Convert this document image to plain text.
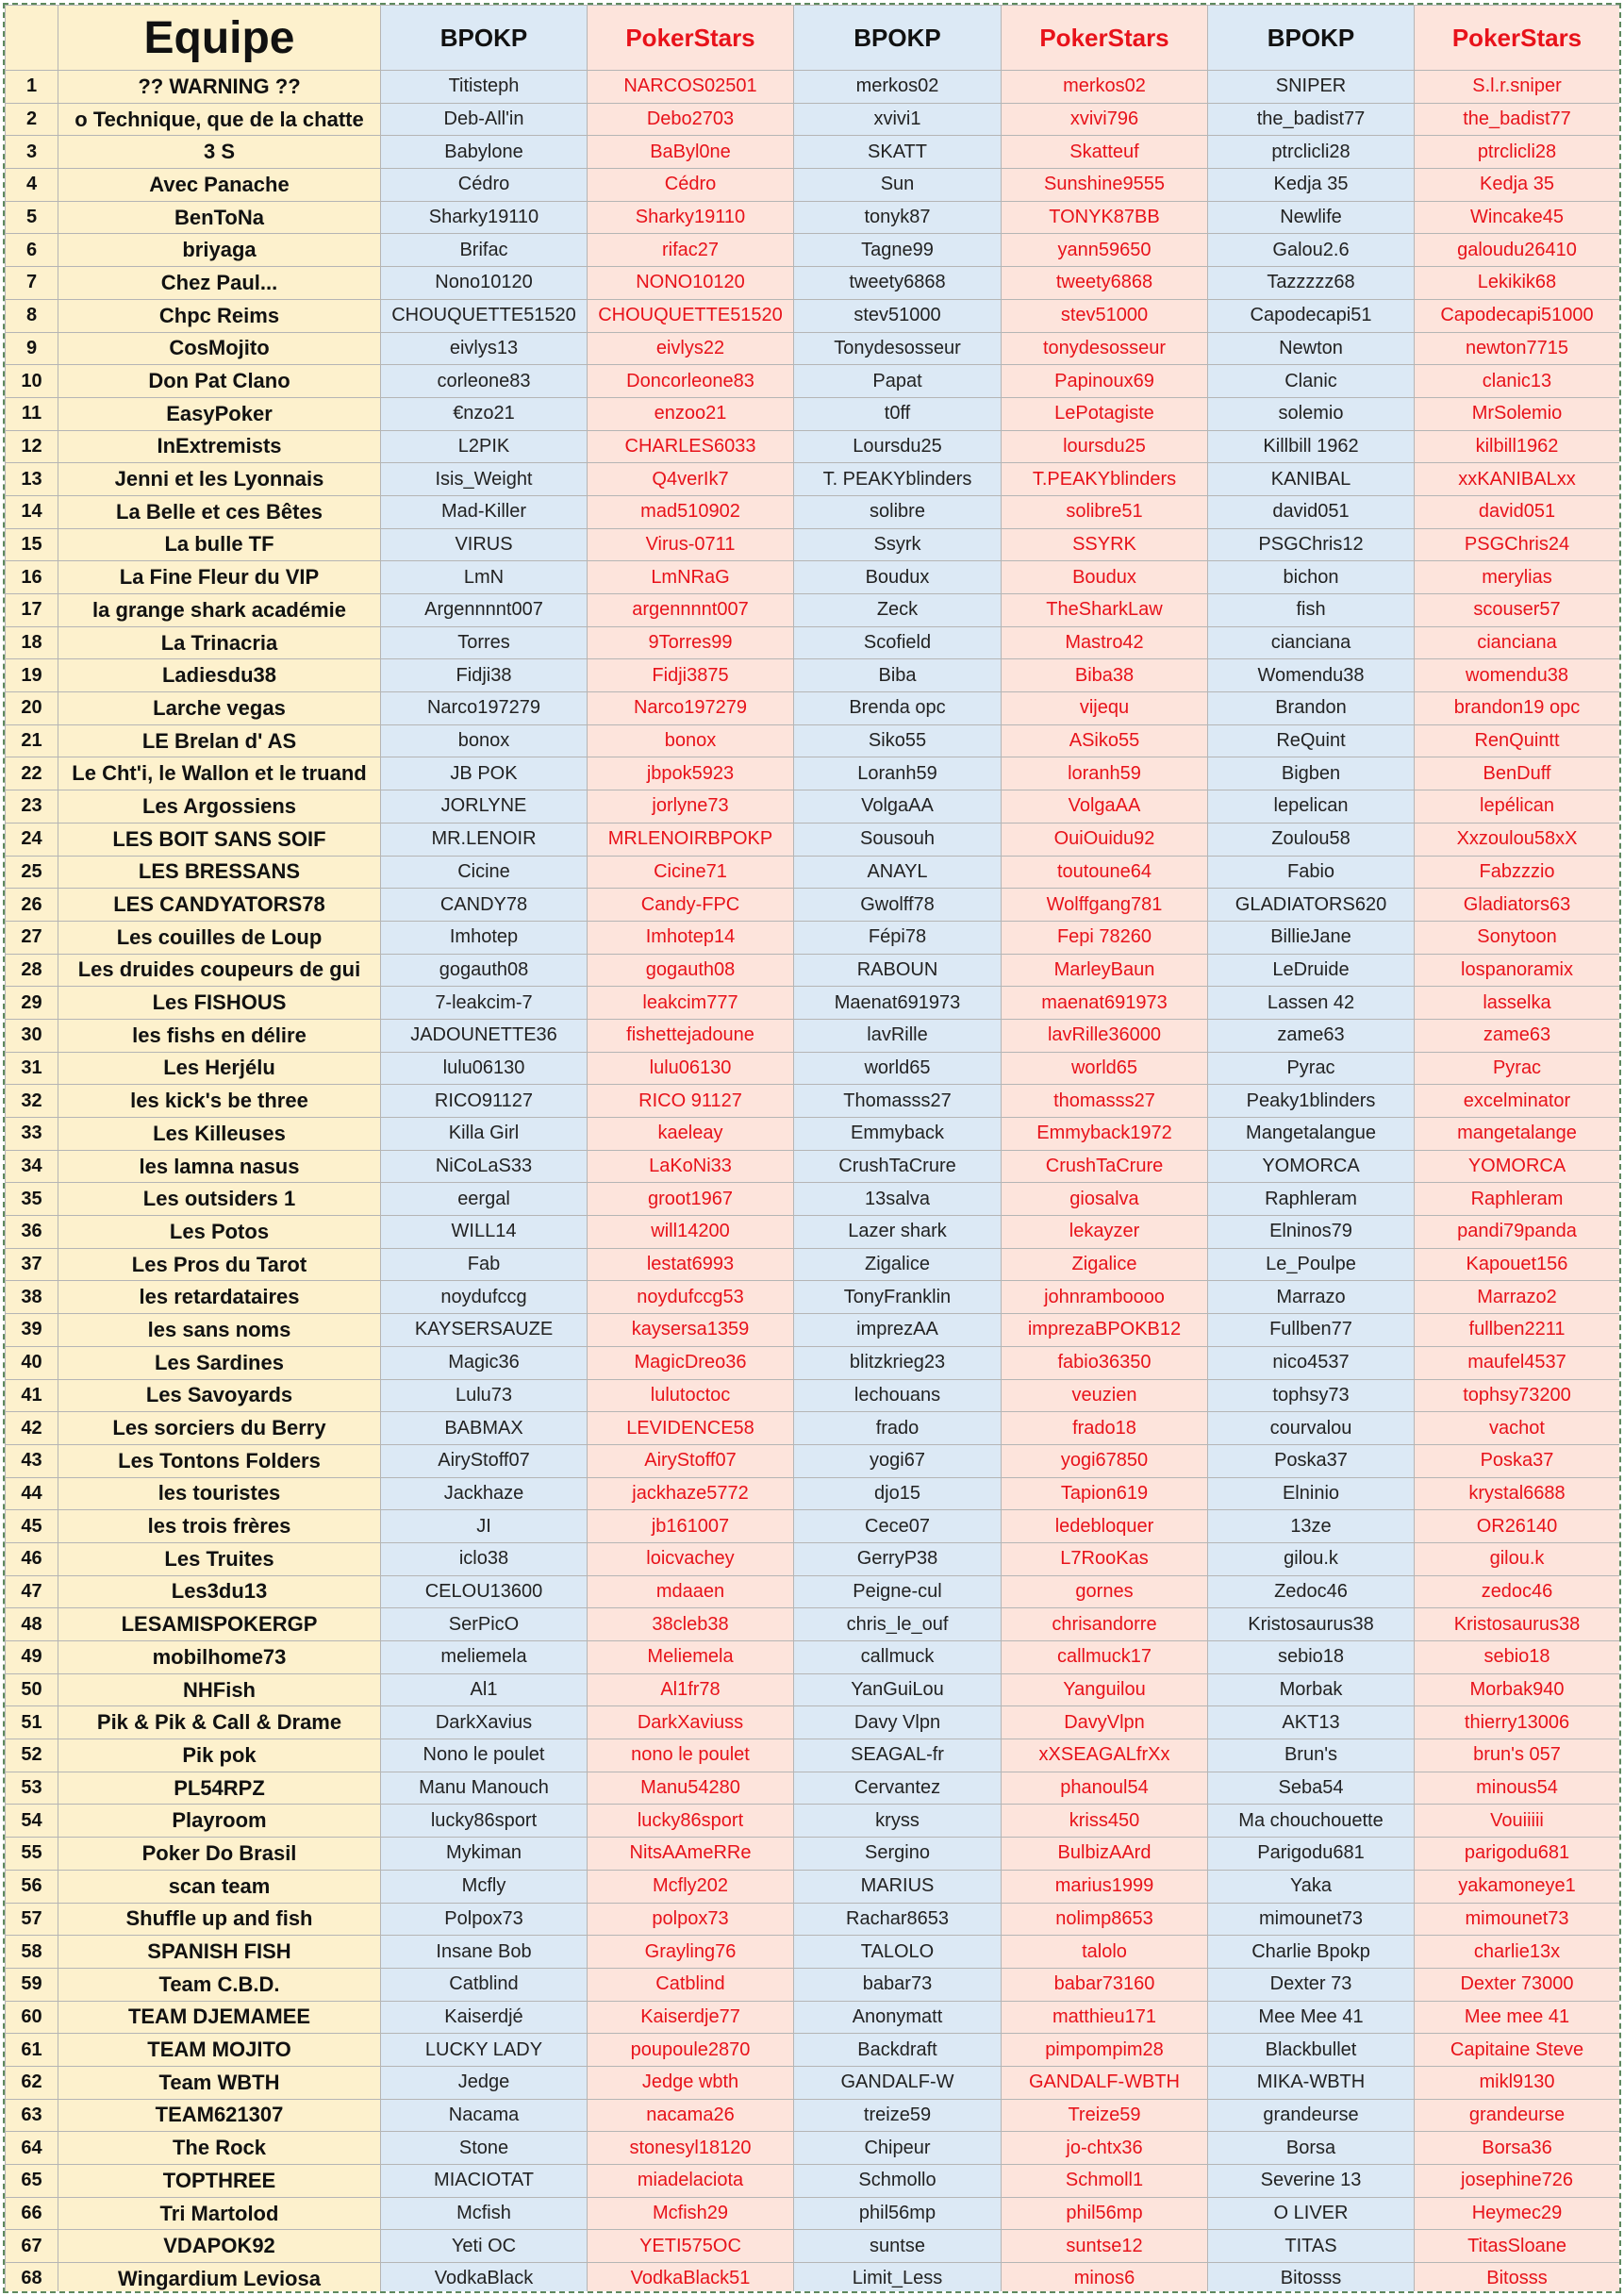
	Equipe	BPOKP	PokerStars	BPOKP	PokerStars	BPOKP	PokerStars
1	?? WARNING ??	Titisteph	NARCOS02501	merkos02	merkos02	SNIPER	S.l.r.sniper
2	o Technique, que de la chatte	Deb-All'in	Debo2703	xvivi1	xvivi796	the_badist77	the_badist77
3	3 S	Babylone	BaByl0ne	SKATT	Skatteuf	ptrclicli28	ptrclicli28
4	Avec Panache	Cédro	Cédro	Sun	Sunshine9555	Kedja 35	Kedja 35
5	BenToNa	Sharky19110	Sharky19110	tonyk87	TONYK87BB	Newlife	Wincake45
6	briyaga	Brifac	rifac27	Tagne99	yann59650	Galou2.6	galoudu26410
7	Chez Paul...	Nono10120	NONO10120	tweety6868	tweety6868	Tazzzzz68	Lekikik68
8	Chpc Reims	CHOUQUETTE51520	CHOUQUETTE51520	stev51000	stev51000	Capodecapi51	Capodecapi51000
9	CosMojito	eivlys13	eivlys22	Tonydesosseur	tonydesosseur	Newton	newton7715
10	Don Pat Clano	corleone83	Doncorleone83	Papat	Papinoux69	Clanic	clanic13
11	EasyPoker	€nzo21	enzoo21	t0ff	LePotagiste	solemio	MrSolemio
12	InExtremists	L2PIK	CHARLES6033	Loursdu25	loursdu25	Killbill 1962	kilbill1962
13	Jenni et les Lyonnais	Isis_Weight	Q4verIk7	T. PEAKYblinders	T.PEAKYblinders	KANIBAL	xxKANIBALxx
14	La Belle et ces Bêtes	Mad-Killer	mad510902	solibre	solibre51	david051	david051
15	La bulle TF	VIRUS	Virus-0711	Ssyrk	SSYRK	PSGChris12	PSGChris24
16	La Fine Fleur du VIP	LmN	LmNRaG	Boudux	Boudux	bichon	merylias
17	la grange shark académie	Argennnnt007	argennnnt007	Zeck	TheSharkLaw	fish	scouser57
18	La Trinacria	Torres	9Torres99	Scofield	Mastro42	cianciana	cianciana
19	Ladiesdu38	Fidji38	Fidji3875	Biba	Biba38	Womendu38	womendu38
20	Larche vegas	Narco197279	Narco197279	Brenda opc	vijequ	Brandon	brandon19 opc
21	LE Brelan d' AS	bonox	bonox	Siko55	ASiko55	ReQuint	RenQuintt
22	Le Cht'i, le Wallon et le truand	JB POK	jbpok5923	Loranh59	loranh59	Bigben	BenDuff
23	Les Argossiens	JORLYNE	jorlyne73	VolgaAA	VolgaAA	lepelican	lepélican
24	LES BOIT SANS SOIF	MR.LENOIR	MRLENOIRBPOKP	Sousouh	OuiOuidu92	Zoulou58	Xxzoulou58xX
25	LES BRESSANS	Cicine	Cicine71	ANAYL	toutoune64	Fabio	Fabzzzio
26	LES CANDYATORS78	CANDY78	Candy-FPC	Gwolff78	Wolffgang781	GLADIATORS620	Gladiators63
27	Les couilles de Loup	Imhotep	Imhotep14	Fépi78	Fepi 78260	BillieJane	Sonytoon
28	Les druides coupeurs de gui	gogauth08	gogauth08	RABOUN	MarleyBaun	LeDruide	lospanoramix
29	Les FISHOUS	7-leakcim-7	leakcim777	Maenat691973	maenat691973	Lassen 42	lasselka
30	les fishs en délire	JADOUNETTE36	fishettejadoune	lavRille	lavRille36000	zame63	zame63
31	Les Herjélu	lulu06130	lulu06130	world65	world65	Pyrac	Pyrac
32	les kick's be three	RICO91127	RICO 91127	Thomasss27	thomasss27	Peaky1blinders	excelminator
33	Les Killeuses	Killa Girl	kaeleay	Emmyback	Emmyback1972	Mangetalangue	mangetalange
34	les lamna nasus	NiCoLaS33	LaKoNi33	CrushTaCrure	CrushTaCrure	YOMORCA	YOMORCA
35	Les outsiders 1	eergal	groot1967	13salva	giosalva	Raphleram	Raphleram
36	Les Potos	WILL14	will14200	Lazer shark	lekayzer	Elninos79	pandi79panda
37	Les Pros du Tarot	Fab	lestat6993	Zigalice	Zigalice	Le_Poulpe	Kapouet156
38	les retardataires	noydufccg	noydufccg53	TonyFranklin	johnramboooo	Marrazo	Marrazo2
39	les sans noms	KAYSERSAUZE	kaysersa1359	imprezAA	imprezaBPOKB12	Fullben77	fullben2211
40	Les Sardines	Magic36	MagicDreo36	blitzkrieg23	fabio36350	nico4537	maufel4537
41	Les Savoyards	Lulu73	lulutoctoc	lechouans	veuzien	tophsy73	tophsy73200
42	Les sorciers du Berry	BABMAX	LEVIDENCE58	frado	frado18	courvalou	vachot
43	Les Tontons Folders	AiryStoff07	AiryStoff07	yogi67	yogi67850	Poska37	Poska37
44	les touristes	Jackhaze	jackhaze5772	djo15	Tapion619	Elninio	krystal6688
45	les trois frères	JI	jb161007	Cece07	ledebloquer	13ze	OR26140
46	Les Truites	iclo38	loicvachey	GerryP38	L7RooKas	gilou.k	gilou.k
47	Les3du13	CELOU13600	mdaaen	Peigne-cul	gornes	Zedoc46	zedoc46
48	LESAMISPOKERGP	SerPicO	38cleb38	chris_le_ouf	chrisandorre	Kristosaurus38	Kristosaurus38
49	mobilhome73	meliemela	Meliemela	callmuck	callmuck17	sebio18	sebio18
50	NHFish	Al1	Al1fr78	YanGuiLou	Yanguilou	Morbak	Morbak940
51	Pik & Pik & Call & Drame	DarkXavius	DarkXaviuss	Davy Vlpn	DavyVlpn	AKT13	thierry13006
52	Pik pok	Nono le poulet	nono le poulet	SEAGAL-fr	xXSEAGALfrXx	Brun's	brun's 057
53	PL54RPZ	Manu Manouch	Manu54280	Cervantez	phanoul54	Seba54	minous54
54	Playroom	lucky86sport	lucky86sport	kryss	kriss450	Ma chouchouette	Vouiiiii
55	Poker Do Brasil	Mykiman	NitsAAmeRRe	Sergino	BulbizAArd	Parigodu681	parigodu681
56	scan team	Mcfly	Mcfly202	MARIUS	marius1999	Yaka	yakamoneye1
57	Shuffle up and fish	Polpox73	polpox73	Rachar8653	nolimp8653	mimounet73	mimounet73
58	SPANISH FISH	Insane Bob	Grayling76	TALOLO	talolo	Charlie Bpokp	charlie13x
59	Team C.B.D.	Catblind	Catblind	babar73	babar73160	Dexter 73	Dexter 73000
60	TEAM DJEMAMEE	Kaiserdjé	Kaiserdje77	Anonymatt	matthieu171	Mee Mee 41	Mee mee 41
61	TEAM MOJITO	LUCKY LADY	poupoule2870	Backdraft	pimpompim28	Blackbullet	Capitaine Steve
62	Team WBTH	Jedge	Jedge wbth	GANDALF-W	GANDALF-WBTH	MIKA-WBTH	mikl9130
63	TEAM621307	Nacama	nacama26	treize59	Treize59	grandeurse	grandeurse
64	The Rock	Stone	stonesyl18120	Chipeur	jo-chtx36	Borsa	Borsa36
65	TOPTHREE	MIACIOTAT	miadelaciota	Schmollo	Schmoll1	Severine 13	josephine726
66	Tri Martolod	Mcfish	Mcfish29	phil56mp	phil56mp	O LIVER	Heymec29
67	VDAPOK92	Yeti OC	YETI575OC	suntse	suntse12	TITAS	TitasSloane
68	Wingardium Leviosa	VodkaBlack	VodkaBlack51	Limit_Less	minos6	Bitosss	Bitosss
